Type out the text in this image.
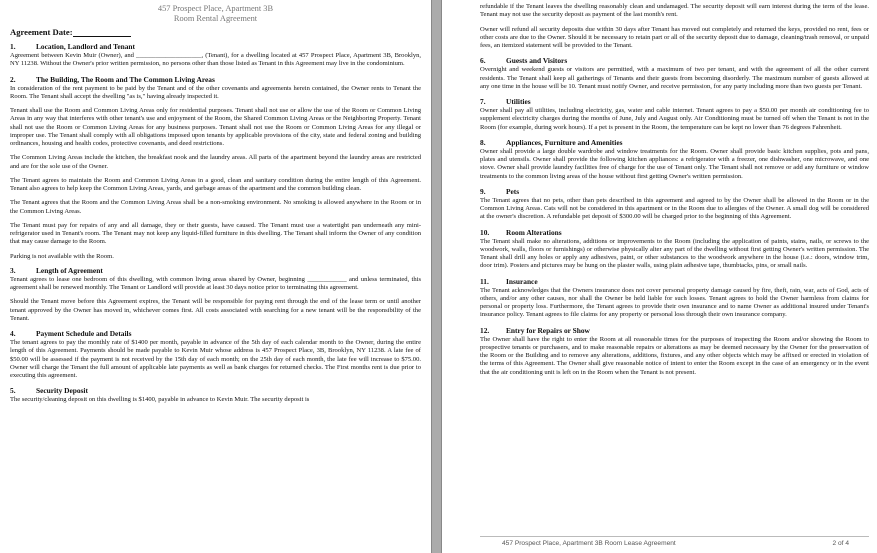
457 Prospect Place, Apartment 3B
Room Rental Agreement
Agreement Date:
1.	Location, Landlord and Tenant

Agreement between Kevin Muir (Owner), and ____________________, (Tenant), for a dwelling located at 457 Prospect Place, Apartment 3B, Brooklyn, NY 11238. Without the Owner's prior written permission, no persons other than those listed as Tenant in this Agreement may live in the condominium.

2.	The Building, The Room and The Common Living Areas

In consideration of the rent payment to be paid by the Tenant and of the other covenants and agreements herein contained, the Owner rents to Tenant the Room. The Tenant shall accept the dwelling "as is," having already inspected it.

Tenant shall use the Room and Common Living Areas only for residential purposes. Tenant shall not use or allow the use of the Room or Common Living Areas in any way that interferes with other tenant's use and enjoyment of the Room, the Shared Common Living Areas or the Neighboring Property. Tenant shall not use the Room or Common Living Areas for any business purposes. Tenant shall not use the Room or Common Living Areas for any illegal or improper use. The Tenant shall comply with all obligations imposed upon tenants by applicable provisions of the city, state and federal zoning and building ordinances, housing and health codes, protective covenants, and deed restrictions.

The Common Living Areas include the kitchen, the breakfast nook and the laundry areas. All parts of the apartment beyond the laundry areas are restricted and are for the sole use of the Owner.

The Tenant agrees to maintain the Room and Common Living Areas in a good, clean and sanitary condition during the entire length of this Agreement. Tenant also agrees to help keep the Common Living Areas, yards, and garbage areas of the apartment and the common building clean.

The Tenant agrees that the Room and the Common Living Areas shall be a non-smoking environment. No smoking is allowed anywhere in the Room or in the Common Living Areas.

The Tenant must pay for repairs of any and all damage, they or their guests, have caused. The Tenant must use a watertight pan underneath any mini-refrigerator used in Tenant's room. The Tenant may not keep any liquid-filled furniture in this dwelling. The Tenant shall inform the Owner of any condition that may cause damage to the Room.

Parking is not available with the Room.

3.	Length of Agreement

Tenant agrees to lease one bedroom of this dwelling, with common living areas shared by Owner, beginning ____________ and unless terminated, this agreement shall be renewed monthly. The Tenant or Landlord will provide at least 30 days notice prior to terminating this agreement.

Should the Tenant move before this Agreement expires, the Tenant will be responsible for paying rent through the end of the lease term or until another tenant approved by the Owner has moved in, whichever comes first. All costs associated with searching for a new tenant will be the responsibility of the Tenant.

4.	Payment Schedule and Details

The tenant agrees to pay the monthly rate of $1400 per month, payable in advance of the 5th day of each calendar month to the Owner, during the entire length of this Agreement. Payments should be made payable to Kevin Muir whose address is 457 Prospect Place, 3B, Brooklyn, NY 11238. A late fee of $50.00 will be assessed if the payment is not received by the 15th day of each month; on the 25th day of each month, the late fee will increase to $75.00. Owner will charge the Tenant the full amount of applicable late payments as well as bank charges for returned checks. The First months rent is due prior to executing this agreement.

5.	Security Deposit

The security/cleaning deposit on this dwelling is $1400, payable in advance to Kevin Muir. The security deposit is

refundable if the Tenant leaves the dwelling reasonably clean and undamaged. The security deposit will earn interest during the term of the lease. Tenant may not use the security deposit as payment of the last month's rent.

Owner will refund all security deposits due within 30 days after Tenant has moved out completely and returned the keys, provided no rent, fees or other costs are due to the Owner. Should it be necessary to retain part or all of the security deposit due to damage, cleaning/trash removal, or unpaid fees, an itemized statement will be provided to the Tenant.

6.	Guests and Visitors

Overnight and weekend guests or visitors are permitted, with a maximum of two per tenant, and with the agreement of all the other current residents. The Tenant shall keep all gatherings of Tenants and their guests from becoming disorderly. The maximum number of guests allowed at any one time in the house will be 10. Tenant must notify Owner, and receive permission, for any party including more than two guests per Tenant.

7.	Utilities

Owner shall pay all utilities, including electricity, gas, water and cable internet. Tenant agrees to pay a $50.00 per month air conditioning fee to supplement electricity charges during the months of June, July and August only. Air Conditioning must be turned off when the Tenant is not in the Room (for example, during work hours). If a pet is present in the Room, the temperature can be kept no lower than 76 degrees Fahrenheit.

8.	Appliances, Furniture and Amenities

Owner shall provide a large double wardrobe and window treatments for the Room. Owner shall provide basic kitchen supplies, pots and pans, plates and utensils. Owner shall provide the following kitchen appliances: a refrigerator with a freezer, one dishwasher, one microwave, and one stove. Owner shall provide laundry facilities free of charge for the use of Tenant only. The Tenant shall not remove or add any furniture or window treatments to the common living areas of the house without first getting Owner's written permission.

9.	Pets

The Tenant agrees that no pets, other than pets described in this agreement and agreed to by the Owner shall be allowed in the Room or in the Common Living Areas. Cats will not be considered in this apartment or in the Room due to allergies of the Owner. A small dog will be considered at the owner's discretion. A refundable pet deposit of $300.00 will be charged prior to the beginning of this Agreement.

10. Room Alterations

The Tenant shall make no alterations, additions or improvements to the Room (including the application of paints, stains, nails, or screws to the woodwork, walls, floors or furnishings) or otherwise physically alter any part of the dwelling without first getting Owner's written permission. The Tenant shall drill any holes or apply any adhesives, paint, or other substances to the woodwork anywhere in the house (i.e.: doors, window trim, door trim). Posters and pictures may be hung on the plaster walls, using plain adhesive tape, thumbtacks, pins, or small nails.

11. Insurance

The Tenant acknowledges that the Owners insurance does not cover personal property damage caused by fire, theft, rain, war, acts of God, acts of others, and/or any other causes, nor shall the Owner be held liable for such losses. Tenant agrees to hold the Owner harmless from claims for personal or property loss. Furthermore, the Tenant agrees to provide their own insurance and to name Owner as additional insured under Tenant's insurance policy. Tenant agrees to file claims for any property or personal loss through their own insurance company.

12. Entry for Repairs or Show

The Owner shall have the right to enter the Room at all reasonable times for the purposes of inspecting the Room and/or showing the Room to prospective tenants or purchasers, and to make reasonable repairs or alterations as may be deemed necessary by the Owner for the preservation of the Room or the Building and to remove any alterations, additions, fixtures, and any other objects which may be affixed or erected in violation of the terms of this Agreement. The Owner shall give reasonable notice of intent to enter the Room except in the case of an emergency or in the event that the air conditioning unit is left on in the Room when the Tenant is not present.

457 Prospect Place, Apartment 3B Room Lease Agreement	2 of 4
